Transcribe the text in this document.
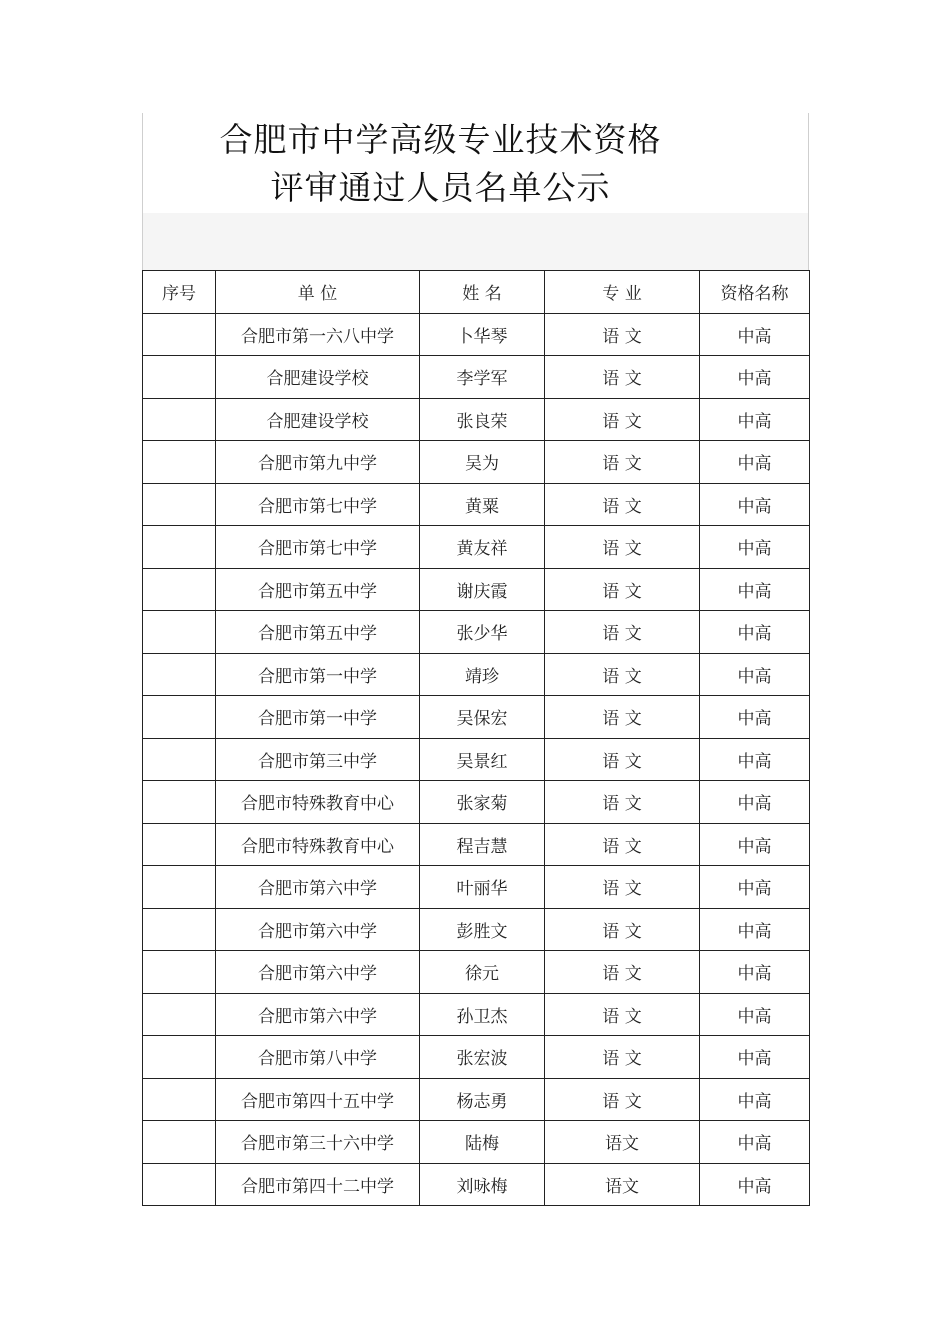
合肥市中学高级专业技术资格
评审通过人员名单公示
序号	单 位	姓 名	专 业	资格名称
	合肥市第一六八中学	卜华琴	语 文	中高
	合肥建设学校	李学军	语 文	中高
	合肥建设学校	张良荣	语 文	中高
	合肥市第九中学	吴为	语 文	中高
	合肥市第七中学	黄粟	语 文	中高
	合肥市第七中学	黄友祥	语 文	中高
	合肥市第五中学	谢庆霞	语 文	中高
	合肥市第五中学	张少华	语 文	中高
	合肥市第一中学	靖珍	语 文	中高
	合肥市第一中学	吴保宏	语 文	中高
	合肥市第三中学	吴景红	语 文	中高
	合肥市特殊教育中心	张家菊	语 文	中高
	合肥市特殊教育中心	程吉慧	语 文	中高
	合肥市第六中学	叶丽华	语 文	中高
	合肥市第六中学	彭胜文	语 文	中高
	合肥市第六中学	徐元	语 文	中高
	合肥市第六中学	孙卫杰	语 文	中高
	合肥市第八中学	张宏波	语 文	中高
	合肥市第四十五中学	杨志勇	语 文	中高
	合肥市第三十六中学	陆梅	语文	中高
	合肥市第四十二中学	刘咏梅	语文	中高
